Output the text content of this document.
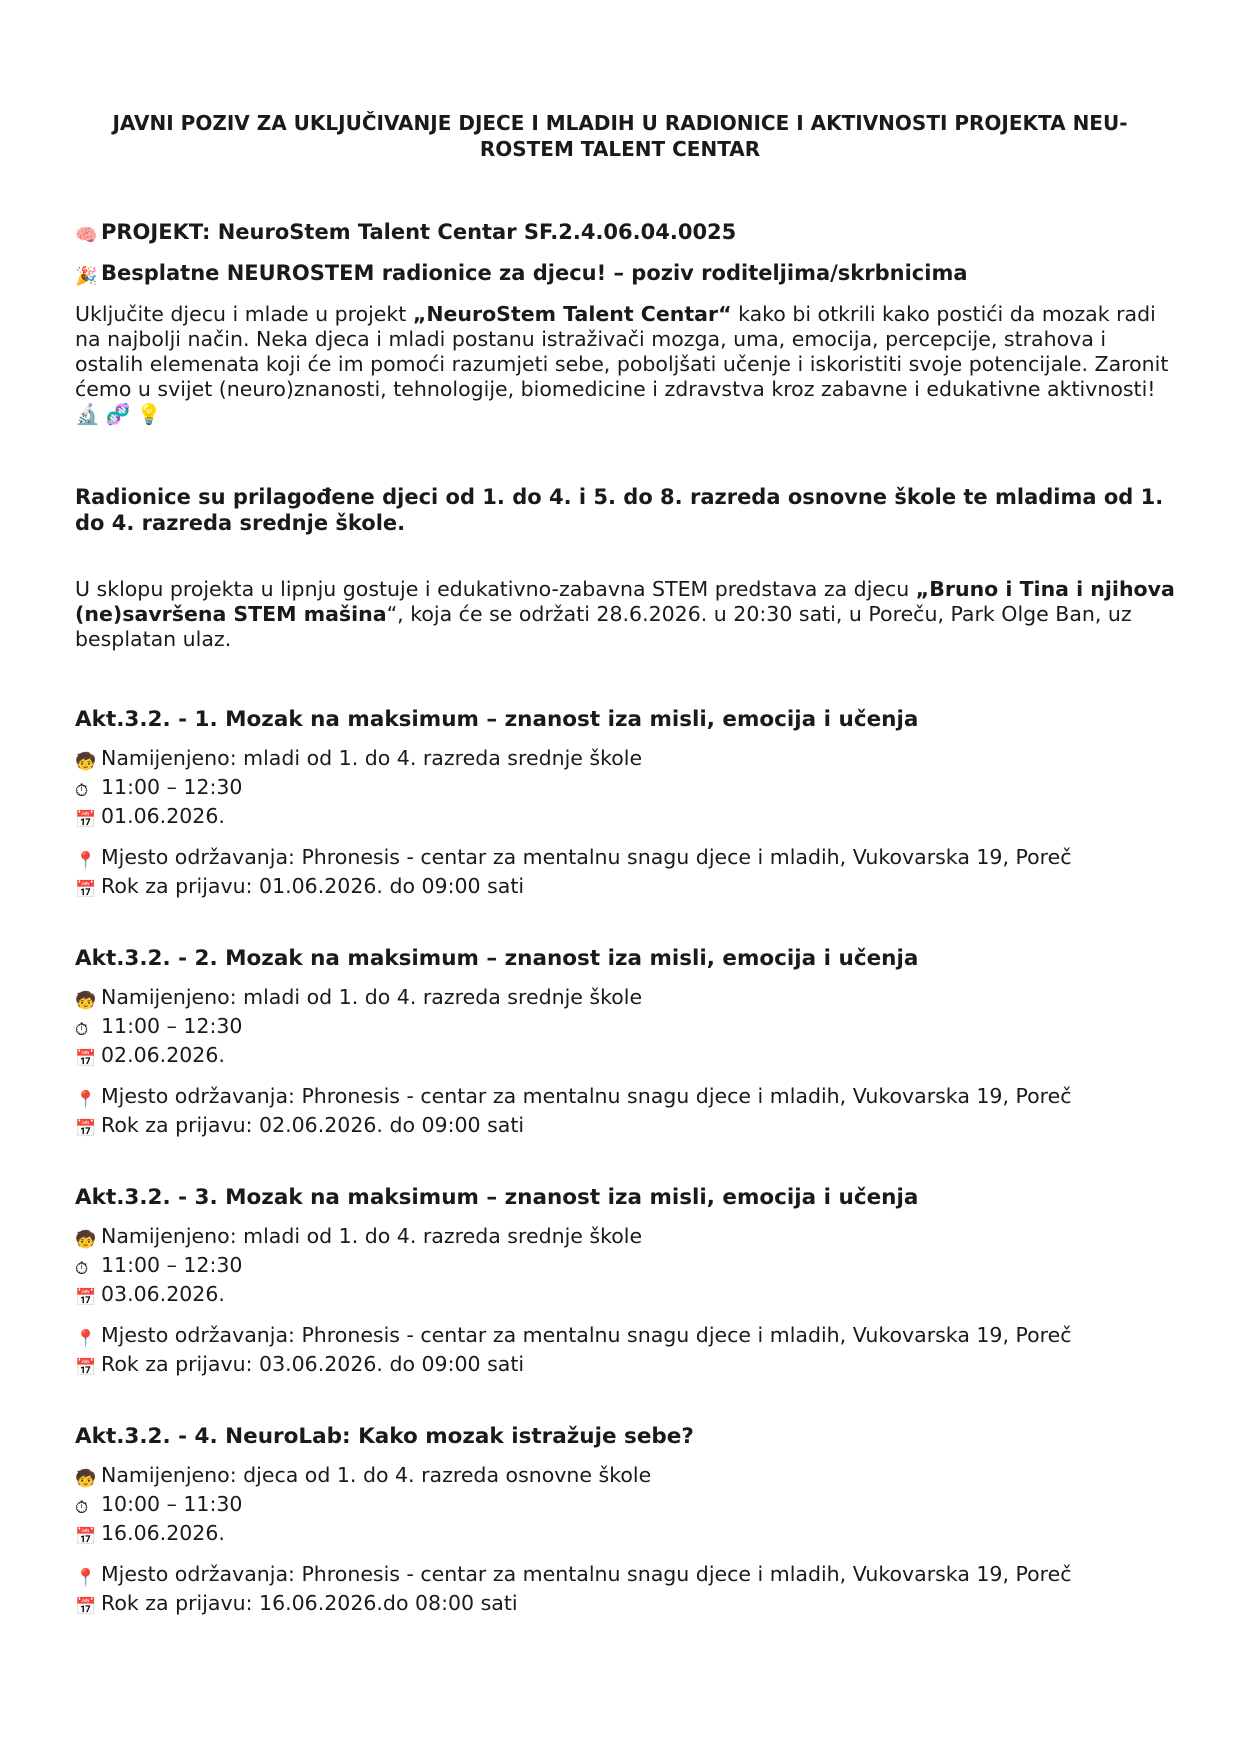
JAVNI POZIV ZA UKLJUČIVANJE DJECE I MLADIH U RADIONICE I AKTIVNOSTI PROJEKTA NEU-ROSTEM TALENT CENTAR
🧠 PROJEKT: NeuroStem Talent Centar SF.2.4.06.04.0025
🎉 Besplatne NEUROSTEM radionice za djecu! – poziv roditeljima/skrbnicima
Uključite djecu i mlade u projekt „NeuroStem Talent Centar“ kako bi otkrili kako postići da mozak radi na najbolji način. Neka djeca i mladi postanu istraživači mozga, uma, emocija, percepcije, strahova i ostalih elemenata koji će im pomoći razumjeti sebe, poboljšati učenje i iskoristiti svoje potencijale. Zaronit ćemo u svijet (neuro)znanosti, tehnologije, biomedicine i zdravstva kroz zabavne i edukativne aktivnosti!
🔬🧬💡
Radionice su prilagođene djeci od 1. do 4. i 5. do 8. razreda osnovne škole te mladima od 1. do 4. razreda srednje škole.
U sklopu projekta u lipnju gostuje i edukativno-zabavna STEM predstava za djecu „Bruno i Tina i njihova (ne)savršena STEM mašina“, koja će se održati 28.6.2026. u 20:30 sati, u Poreču, Park Olge Ban, uz besplatan ulaz.
Akt.3.2. - 1. Mozak na maksimum – znanost iza misli, emocija i učenja
🧒 Namijenjeno: mladi od 1. do 4. razreda srednje škole
⏱ 11:00 – 12:30
📅 01.06.2026.
📍 Mjesto održavanja: Phronesis - centar za mentalnu snagu djece i mladih, Vukovarska 19, Poreč
📅 Rok za prijavu: 01.06.2026. do 09:00 sati
Akt.3.2. - 2. Mozak na maksimum – znanost iza misli, emocija i učenja
🧒 Namijenjeno: mladi od 1. do 4. razreda srednje škole
⏱ 11:00 – 12:30
📅 02.06.2026.
📍 Mjesto održavanja: Phronesis - centar za mentalnu snagu djece i mladih, Vukovarska 19, Poreč
📅 Rok za prijavu: 02.06.2026. do 09:00 sati
Akt.3.2. - 3. Mozak na maksimum – znanost iza misli, emocija i učenja
🧒 Namijenjeno: mladi od 1. do 4. razreda srednje škole
⏱ 11:00 – 12:30
📅 03.06.2026.
📍 Mjesto održavanja: Phronesis - centar za mentalnu snagu djece i mladih, Vukovarska 19, Poreč
📅 Rok za prijavu: 03.06.2026. do 09:00 sati
Akt.3.2. - 4. NeuroLab: Kako mozak istražuje sebe?
🧒 Namijenjeno: djeca od 1. do 4. razreda osnovne škole
⏱ 10:00 – 11:30
📅 16.06.2026.
📍 Mjesto održavanja: Phronesis - centar za mentalnu snagu djece i mladih, Vukovarska 19, Poreč
📅 Rok za prijavu: 16.06.2026.do 08:00 sati
